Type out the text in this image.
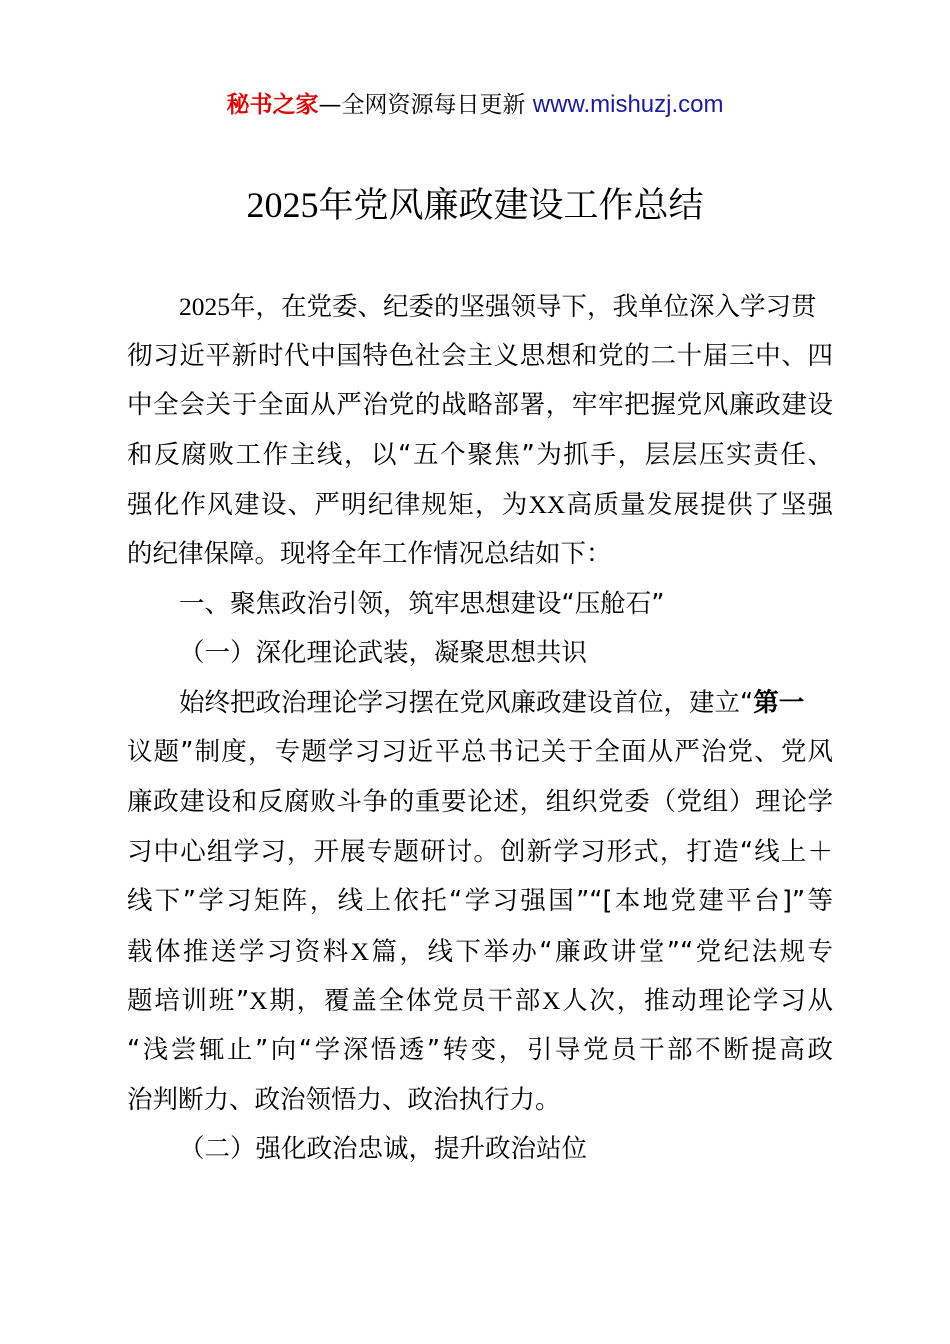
秘书之家—全网资源每日更新 www.mishuzj.com
2025年党风廉政建设工作总结
2025年，在党委、纪委的坚强领导下，我单位深入学习贯
彻习近平新时代中国特色社会主义思想和党的二十届三中、四
中全会关于全面从严治党的战略部署，牢牢把握党风廉政建设
和反腐败工作主线，以“五个聚焦”为抓手，层层压实责任、
强化作风建设、严明纪律规矩，为XX高质量发展提供了坚强
的纪律保障。现将全年工作情况总结如下：
一、聚焦政治引领，筑牢思想建设“压舱石”
（一）深化理论武装，凝聚思想共识
始终把政治理论学习摆在党风廉政建设首位，建立“第一
议题”制度，专题学习习近平总书记关于全面从严治党、党风
廉政建设和反腐败斗争的重要论述，组织党委（党组）理论学
习中心组学习，开展专题研讨。创新学习形式，打造“线上＋
线下”学习矩阵，线上依托“学习强国”“[本地党建平台]”等
载体推送学习资料X篇，线下举办“廉政讲堂”“党纪法规专
题培训班”X期，覆盖全体党员干部X人次，推动理论学习从
“浅尝辄止”向“学深悟透”转变，引导党员干部不断提高政
治判断力、政治领悟力、政治执行力。
（二）强化政治忠诚，提升政治站位
